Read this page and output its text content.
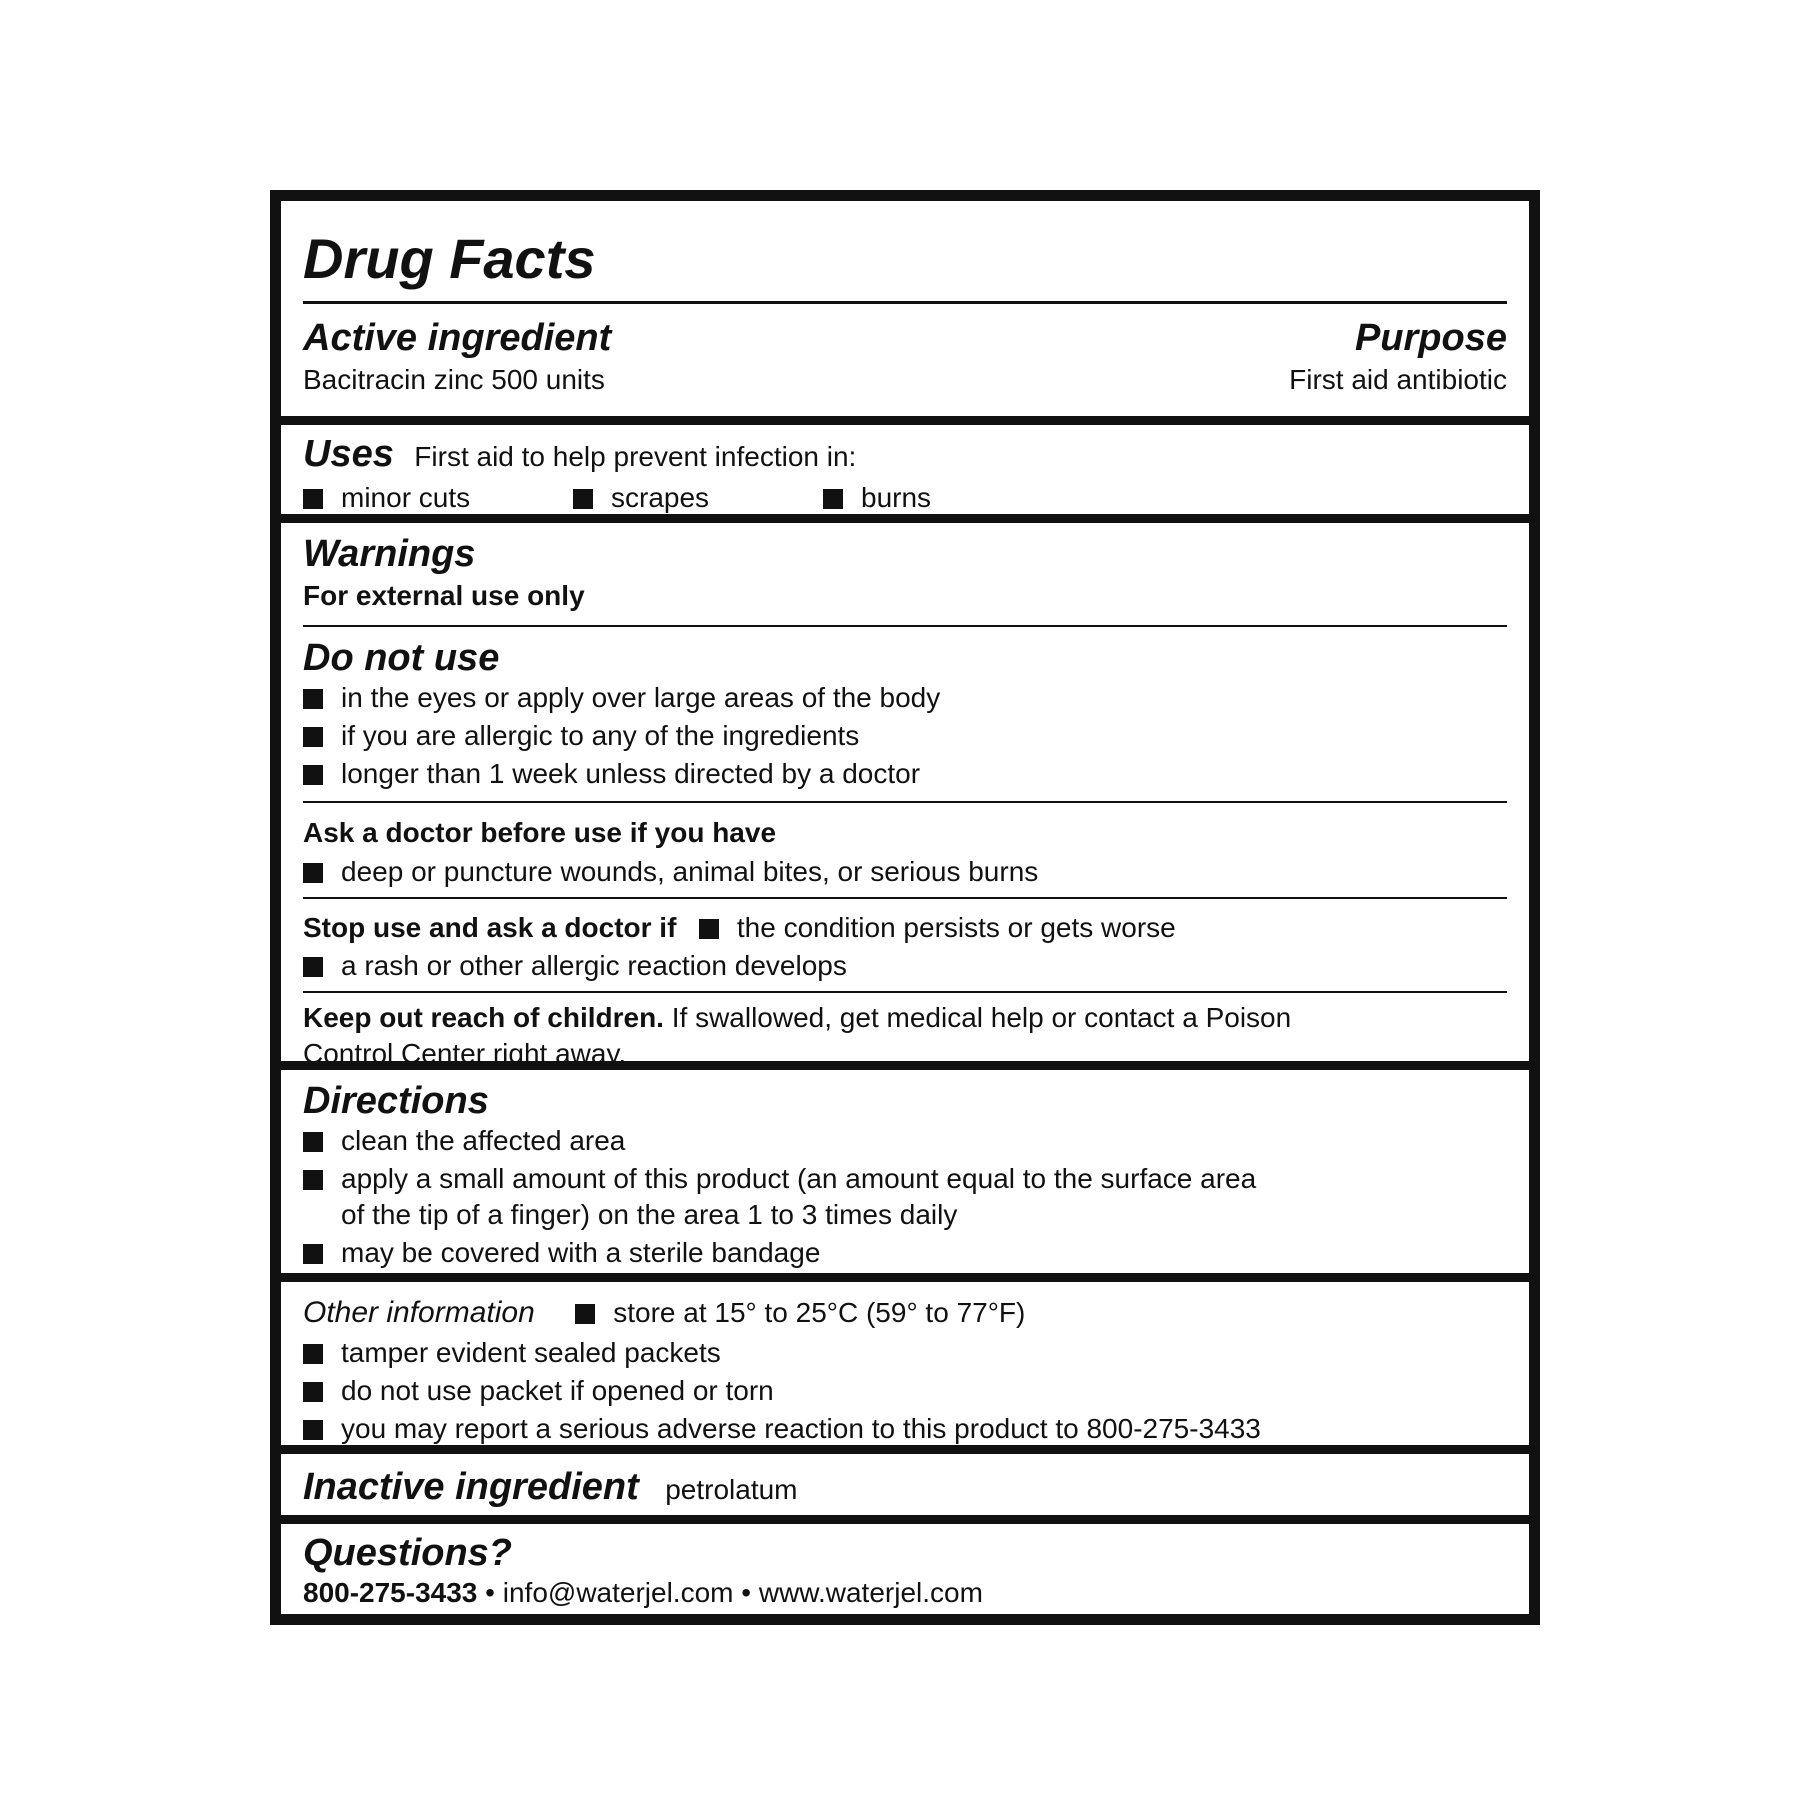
Drug Facts
Active ingredient	Purpose
Bacitracin zinc 500 units	First aid antibiotic
Uses First aid to help prevent infection in:
minor cuts	scrapes	burns
Warnings
For external use only
Do not use
in the eyes or apply over large areas of the body
if you are allergic to any of the ingredients
longer than 1 week unless directed by a doctor
Ask a doctor before use if you have
deep or puncture wounds, animal bites, or serious burns
Stop use and ask a doctor if the condition persists or gets worse
a rash or other allergic reaction develops
Keep out reach of children. If swallowed, get medical help or contact a Poison
Control Center right away.
Directions
clean the affected area
apply a small amount of this product (an amount equal to the surface area
of the tip of a finger) on the area 1 to 3 times daily
may be covered with a sterile bandage
Other information	store at 15° to 25°C (59° to 77°F)
tamper evident sealed packets
do not use packet if opened or torn
you may report a serious adverse reaction to this product to 800-275-3433
Inactive ingredient petrolatum
Questions?
800-275-3433 • info@waterjel.com • www.waterjel.com
